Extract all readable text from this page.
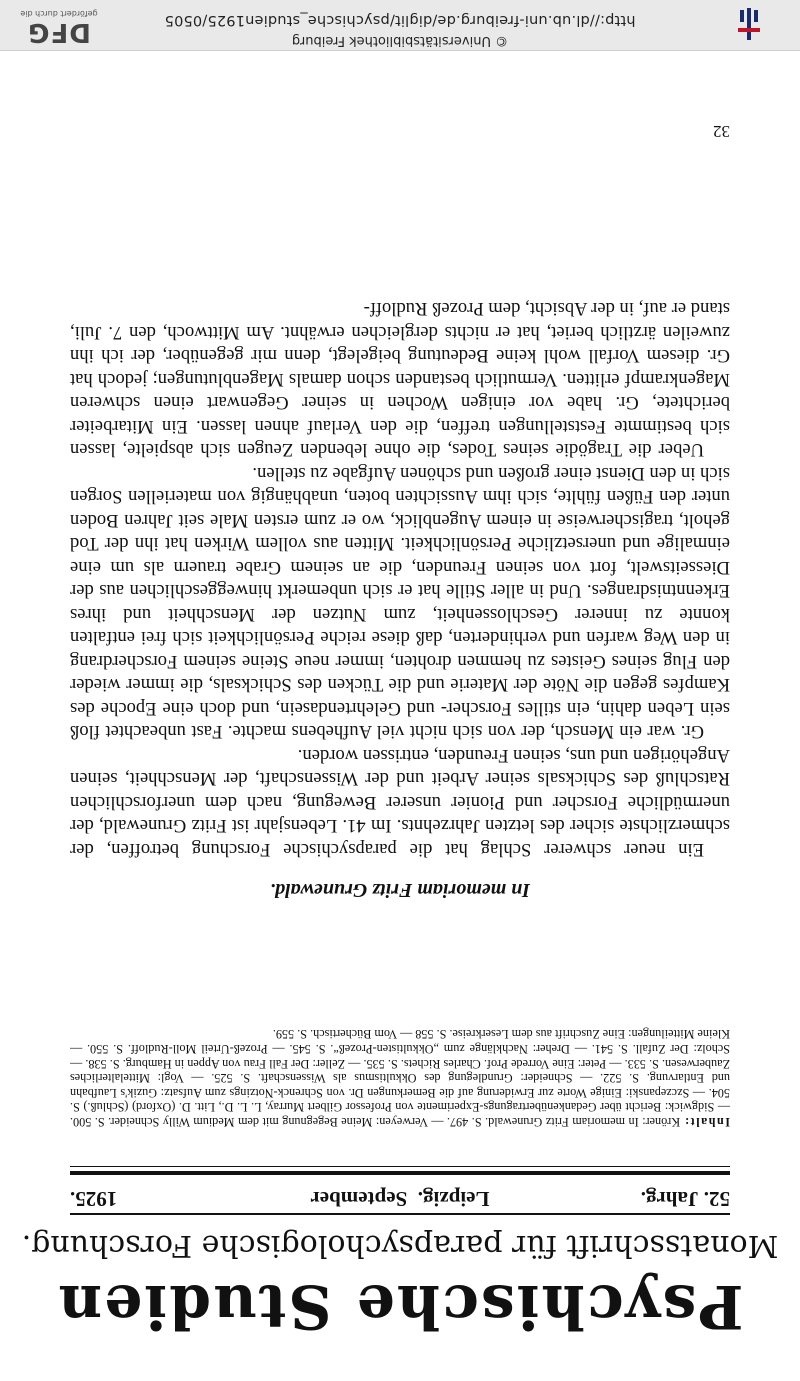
© Universitätsbibliothek Freiburg
http://dl.ub.uni-freiburg.de/diglit/psychische_studien1925/0505
DFG
gefördert durch die
Psychische Studien
Monatsschrift für parapsychologische Forschung.
52. Jahrg.
Leipzig.  September
1925.
Inhalt: Kröner: In memoriam Fritz Grunewald. S. 497. — Verweyen: Meine Begegnung mit dem Medium Willy Schneider. S. 500. — Sidgwick: Bericht über Gedankenübertragungs-Experimente von Professor Gilbert Murray, L. L. D., Litt. D. (Oxford) (Schluß.) S. 504. — Szczepanski: Einige Worte zur Erwiderung auf die Bemerkungen Dr. von Schrenck-Notzings zum Aufsatz: Guzik's Laufbahn und Entlarvung. S. 522. — Schneider: Grundlegung des Okkultismus als Wissenschaft. S. 525. — Vogl: Mittelalterliches Zauberwesen. S. 533. — Peter: Eine Vorrede Prof. Charles Richets. S. 535. — Zeller: Der Fall Frau von Appen in Hamburg. S. 538. — Scholz: Der Zufall. S. 541. — Dreher: Nachklänge zum „Okkultisten-Prozeß“. S. 545. — Prozeß-Urteil Moll-Rudloff. S. 550. — Kleine Mitteilungen: Eine Zuschrift aus dem Leserkreise. S. 558 — Vom Büchertisch. S. 559.
In memoriam Fritz Grunewald.

Ein neuer schwerer Schlag hat die parapsychische Forschung betroffen, der schmerzlichste sicher des letzten Jahrzehnts. Im 41. Lebensjahr ist Fritz Grunewald, der unermüdliche Forscher und Pionier unserer Bewegung, nach dem unerforschlichen Ratschluß des Schicksals seiner Arbeit und der Wissenschaft, der Menschheit, seinen Angehörigen und uns, seinen Freunden, entrissen worden.

Gr. war ein Mensch, der von sich nicht viel Aufhebens machte. Fast unbeachtet floß sein Leben dahin, ein stilles Forscher- und Gelehrtendasein, und doch eine Epoche des Kampfes gegen die Nöte der Materie und die Tücken des Schicksals, die immer wieder den Flug seines Geistes zu hemmen drohten, immer neue Steine seinem Forscherdrang in den Weg warfen und verhinderten, daß diese reiche Persönlichkeit sich frei entfalten konnte zu innerer Geschlossenheit, zum Nutzen der Menschheit und ihres Erkenntnisdranges. Und in aller Stille hat er sich unbemerkt hinweggeschlichen aus der Diesseitswelt, fort von seinen Freunden, die an seinem Grabe trauern als um eine einmalige und unersetzliche Persönlichkeit. Mitten aus vollem Wirken hat ihn der Tod geholt, tragischerweise in einem Augenblick, wo er zum ersten Male seit Jahren Boden unter den Füßen fühlte, sich ihm Aussichten boten, unabhängig von materiellen Sorgen sich in den Dienst einer großen und schönen Aufgabe zu stellen.

Ueber die Tragödie seines Todes, die ohne lebenden Zeugen sich abspielte, lassen sich bestimmte Feststellungen treffen, die den Verlauf ahnen lassen. Ein Mitarbeiter berichtete, Gr. habe vor einigen Wochen in seiner Gegenwart einen schweren Magenkrampf erlitten. Vermutlich bestanden schon damals Magenblutungen; jedoch hat Gr. diesem Vorfall wohl keine Bedeutung beigelegt, denn mir gegenüber, der ich ihn zuweilen ärztlich beriet, hat er nichts dergleichen erwähnt. Am Mittwoch, den 7. Juli, stand er auf, in der Absicht, dem Prozeß Rudloff-

32
